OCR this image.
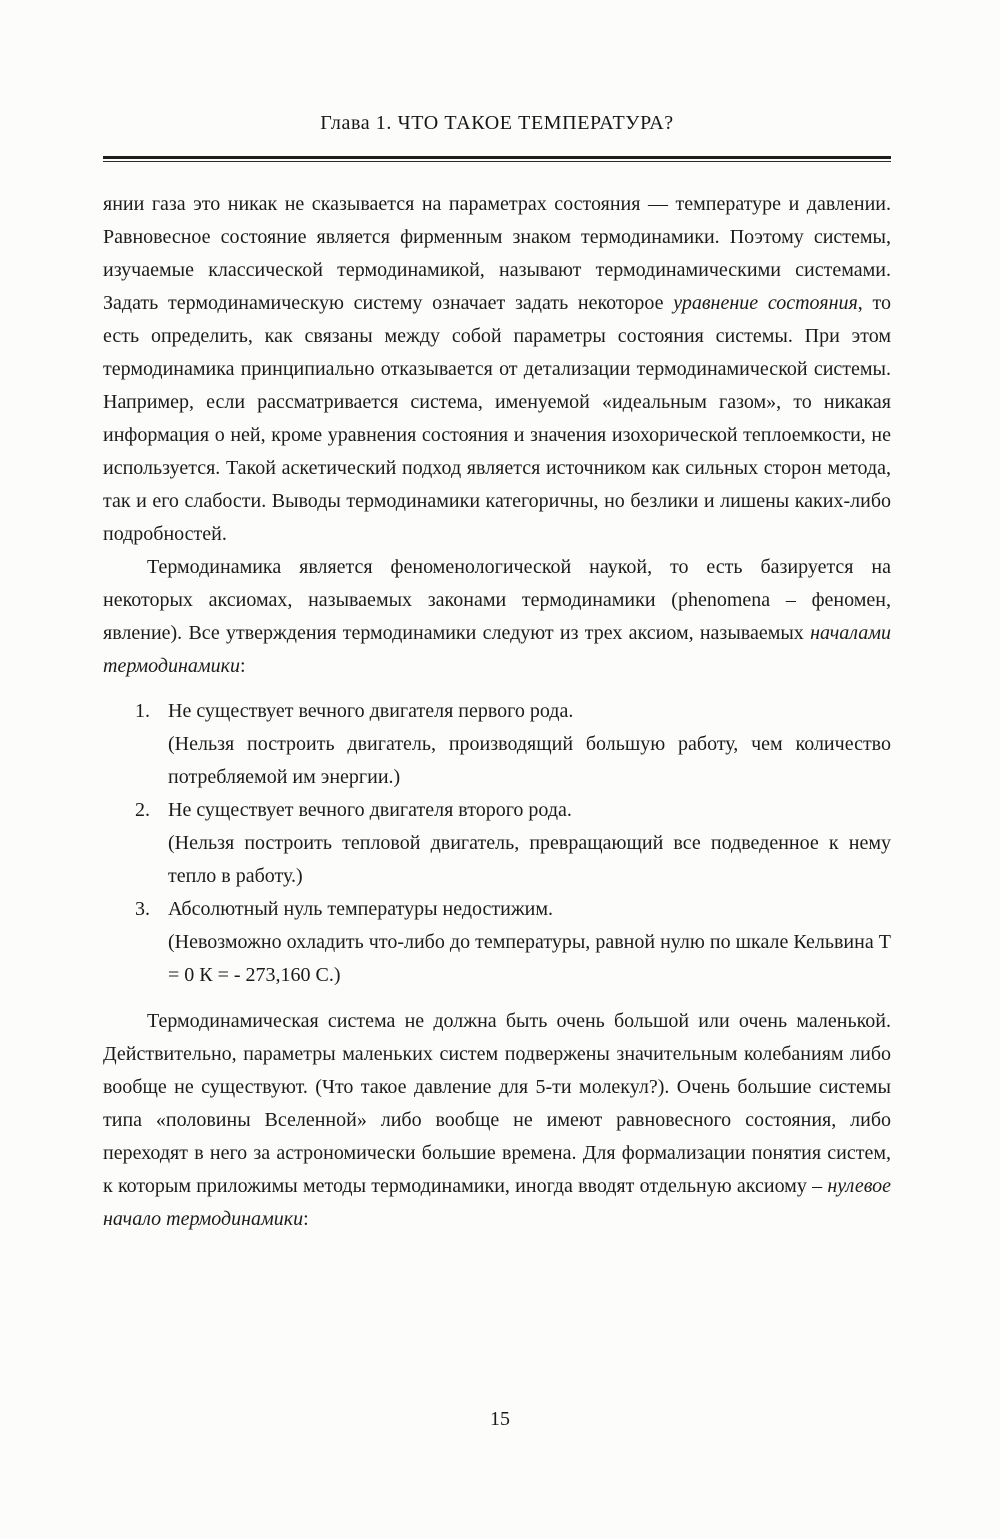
Глава 1. ЧТО ТАКОЕ ТЕМПЕРАТУРА?

янии газа это никак не сказывается на параметрах состояния — температуре и давлении. Равновесное состояние является фирменным знаком термодинамики. Поэтому системы, изучаемые классической термодинамикой, называют термодинамическими системами. Задать термодинамическую систему означает задать некоторое уравнение состояния, то есть определить, как связаны между собой параметры состояния системы. При этом термодинамика принципиально отказывается от детализации термодинамической системы. Например, если рассматривается система, именуемой «идеальным газом», то никакая информация о ней, кроме уравнения состояния и значения изохорической теплоемкости, не используется. Такой аскетический подход является источником как сильных сторон метода, так и его слабости. Выводы термодинамики категоричны, но безлики и лишены каких-либо подробностей.

Термодинамика является феноменологической наукой, то есть базируется на некоторых аксиомах, называемых законами термодинамики (phenomena – феномен, явление). Все утверждения термодинамики следуют из трех аксиом, называемых началами термодинамики:

1. Не существует вечного двигателя первого рода.
(Нельзя построить двигатель, производящий большую работу, чем количество потребляемой им энергии.)
2. Не существует вечного двигателя второго рода.
(Нельзя построить тепловой двигатель, превращающий все подведенное к нему тепло в работу.)
3. Абсолютный нуль температуры недостижим.
(Невозможно охладить что-либо до температуры, равной нулю по шкале Кельвина Т = 0 К = - 273,160 С.)

Термодинамическая система не должна быть очень большой или очень маленькой. Действительно, параметры маленьких систем подвержены значительным колебаниям либо вообще не существуют. (Что такое давление для 5-ти молекул?). Очень большие системы типа «половины Вселенной» либо вообще не имеют равновесного состояния, либо переходят в него за астрономически большие времена. Для формализации понятия систем, к которым приложимы методы термодинамики, иногда вводят отдельную аксиому – нулевое начало термодинамики:

15
